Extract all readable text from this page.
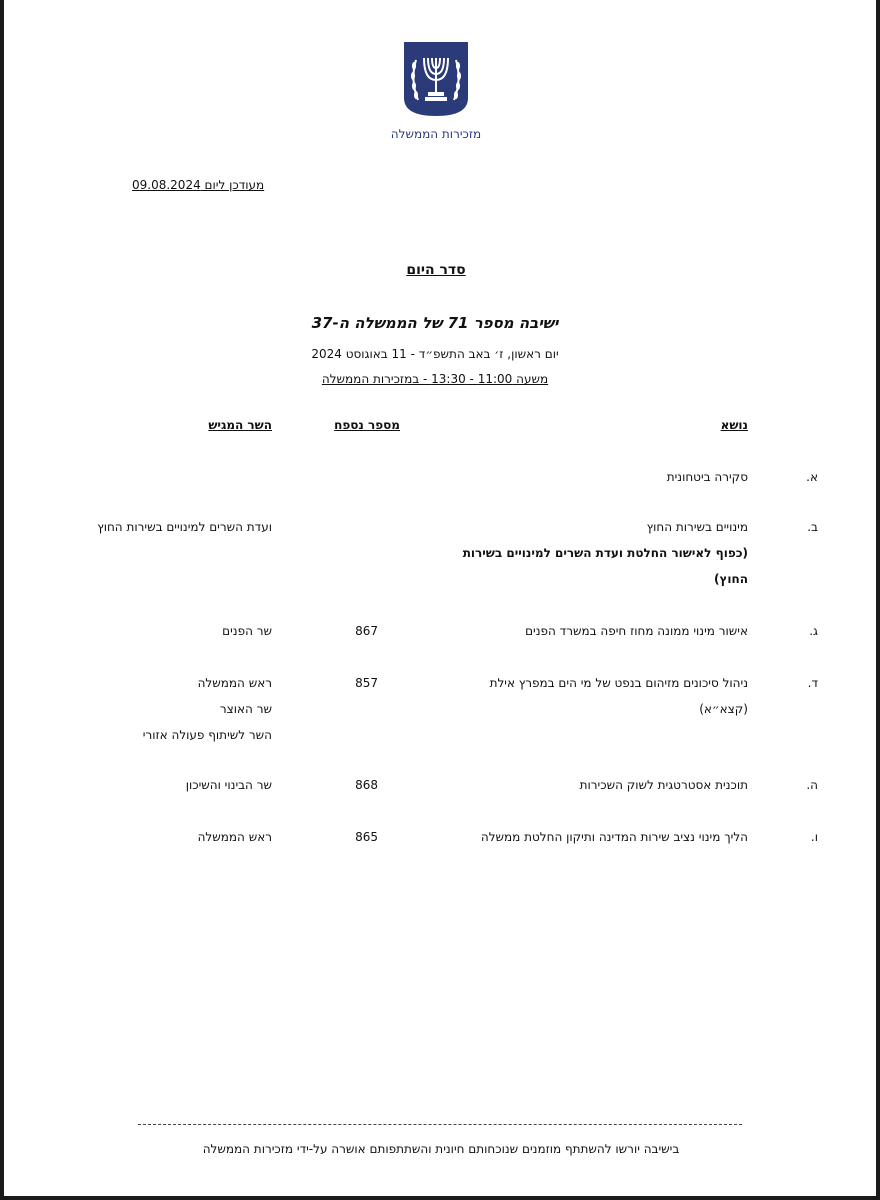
מזכירות הממשלה
מעודכן ליום 09.08.2024
סדר היום
ישיבה מספר 71 של הממשלה ה-37
יום ראשון, ז׳ באב התשפ״ד - 11 באוגוסט 2024
משעה 11:00 - 13:30 - במזכירות הממשלה
נושא
מספר נספח
השר המגיש
א.
סקירה ביטחונית
ב.
מינויים בשירות החוץ
(כפוף לאישור החלטת ועדת השרים למינויים בשירות החוץ)
ועדת השרים למינויים בשירות החוץ
ג.
אישור מינוי ממונה מחוז חיפה במשרד הפנים
867
שר הפנים
ד.
ניהול סיכונים מזיהום בנפט של מי הים במפרץ אילת (קצא״א)
857
ראש הממשלה
שר האוצר
השר לשיתוף פעולה אזורי
ה.
תוכנית אסטרטגית לשוק השכירות
868
שר הבינוי והשיכון
ו.
הליך מינוי נציב שירות המדינה ותיקון החלטת ממשלה
865
ראש הממשלה
בישיבה יורשו להשתתף מוזמנים שנוכחותם חיונית והשתתפותם אושרה על-ידי מזכירות הממשלה
